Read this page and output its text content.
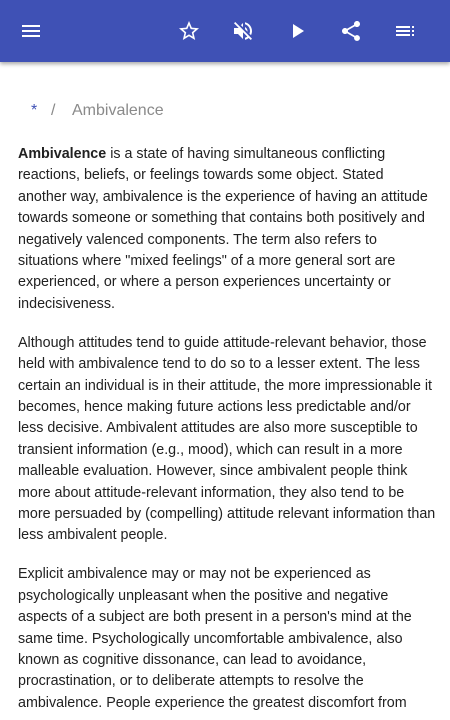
* / Ambivalence

Ambivalence is a state of having simultaneous conflicting reactions, beliefs, or feelings towards some object. Stated another way, ambivalence is the experience of having an attitude towards someone or something that contains both positively and negatively valenced components. The term also refers to situations where "mixed feelings" of a more general sort are experienced, or where a person experiences uncertainty or indecisiveness.

Although attitudes tend to guide attitude-relevant behavior, those held with ambivalence tend to do so to a lesser extent. The less certain an individual is in their attitude, the more impressionable it becomes, hence making future actions less predictable and/or less decisive. Ambivalent attitudes are also more susceptible to transient information (e.g., mood), which can result in a more malleable evaluation. However, since ambivalent people think more about attitude-relevant information, they also tend to be more persuaded by (compelling) attitude relevant information than less ambivalent people.

Explicit ambivalence may or may not be experienced as psychologically unpleasant when the positive and negative aspects of a subject are both present in a person's mind at the same time. Psychologically uncomfortable ambivalence, also known as cognitive dissonance, can lead to avoidance, procrastination, or to deliberate attempts to resolve the ambivalence. People experience the greatest discomfort from
